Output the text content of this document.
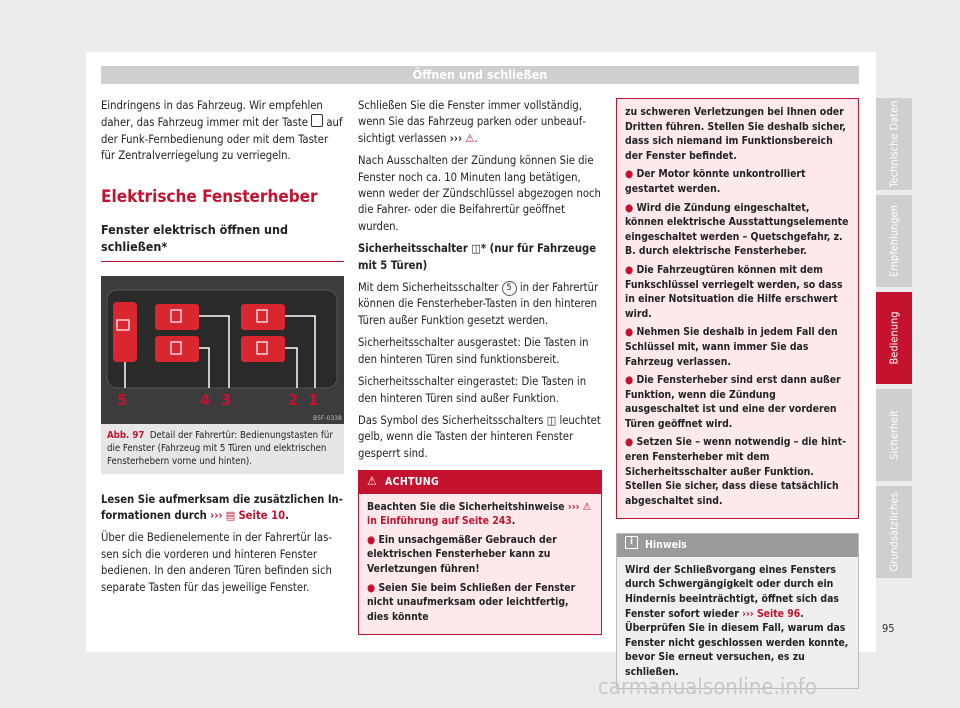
Öffnen und schließen

Eindringens in das Fahrzeug. Wir empfehlen daher, das Fahrzeug immer mit der Taste auf der Funk-Fernbedienung oder mit dem Taster für Zentralverriegelung zu verriegeln.

Elektrische Fensterheber
Fenster elektrisch öffnen und schließen*
5	4 3	2 1
B5F-0338
Abb. 97 Detail der Fahrertür: Bedienungstasten für die Fenster (Fahrzeug mit 5 Türen und elektrischen Fensterhebern vorne und hinten).

Lesen Sie aufmerksam die zusätzlichen Informationen durch ››› ▤ Seite 10.

Über die Bedienelemente in der Fahrertür lassen sich die vorderen und hinteren Fenster bedienen. In den anderen Türen befinden sich separate Tasten für das jeweilige Fenster.

Schließen Sie die Fenster immer vollständig, wenn Sie das Fahrzeug parken oder unbeaufsichtigt verlassen ››› ⚠.

Nach Ausschalten der Zündung können Sie die Fenster noch ca. 10 Minuten lang betätigen, wenn weder der Zündschlüssel abgezogen noch die Fahrer- oder die Beifahrertür geöffnet wurden.

Sicherheitsschalter ◫* (nur für Fahrzeuge mit 5 Türen)

Mit dem Sicherheitsschalter 5 in der Fahrertür können die Fensterheber-Tasten in den hinteren Türen außer Funktion gesetzt werden.

Sicherheitsschalter ausgerastet: Die Tasten in den hinteren Türen sind funktionsbereit.

Sicherheitsschalter eingerastet: Die Tasten in den hinteren Türen sind außer Funktion.

Das Symbol des Sicherheitsschalters ◫ leuchtet gelb, wenn die Tasten der hinteren Fenster gesperrt sind.

⚠ ACHTUNG

Beachten Sie die Sicherheitshinweise ››› ⚠ in Einführung auf Seite 243.

● Ein unsachgemäßer Gebrauch der elektrischen Fensterheber kann zu Verletzungen führen!

● Seien Sie beim Schließen der Fenster nicht unaufmerksam oder leichtfertig, dies könnte

zu schweren Verletzungen bei Ihnen oder Dritten führen. Stellen Sie deshalb sicher, dass sich niemand im Funktionsbereich der Fenster befindet.

● Der Motor könnte unkontrolliert gestartet werden.

● Wird die Zündung eingeschaltet, können elektrische Ausstattungselemente eingeschaltet werden – Quetschgefahr, z. B. durch elektrische Fensterheber.

● Die Fahrzeugtüren können mit dem Funkschlüssel verriegelt werden, so dass in einer Notsituation die Hilfe erschwert wird.

● Nehmen Sie deshalb in jedem Fall den Schlüssel mit, wann immer Sie das Fahrzeug verlassen.

● Die Fensterheber sind erst dann außer Funktion, wenn die Zündung ausgeschaltet ist und eine der vorderen Türen geöffnet wird.

● Setzen Sie – wenn notwendig – die hinteren Fensterheber mit dem Sicherheitsschalter außer Funktion. Stellen Sie sicher, dass diese tatsächlich abgeschaltet sind.

i	Hinweis
Wird der Schließvorgang eines Fensters durch Schwergängigkeit oder durch ein Hindernis beeinträchtigt, öffnet sich das Fenster sofort wieder ››› Seite 96. Überprüfen Sie in diesem Fall, warum das Fenster nicht geschlossen werden konnte, bevor Sie erneut versuchen, es zu schließen.
Technische Daten
Empfehlungen
Bedienung
Sicherheit
Grundsätzliches
95
carmanualsonline.info
